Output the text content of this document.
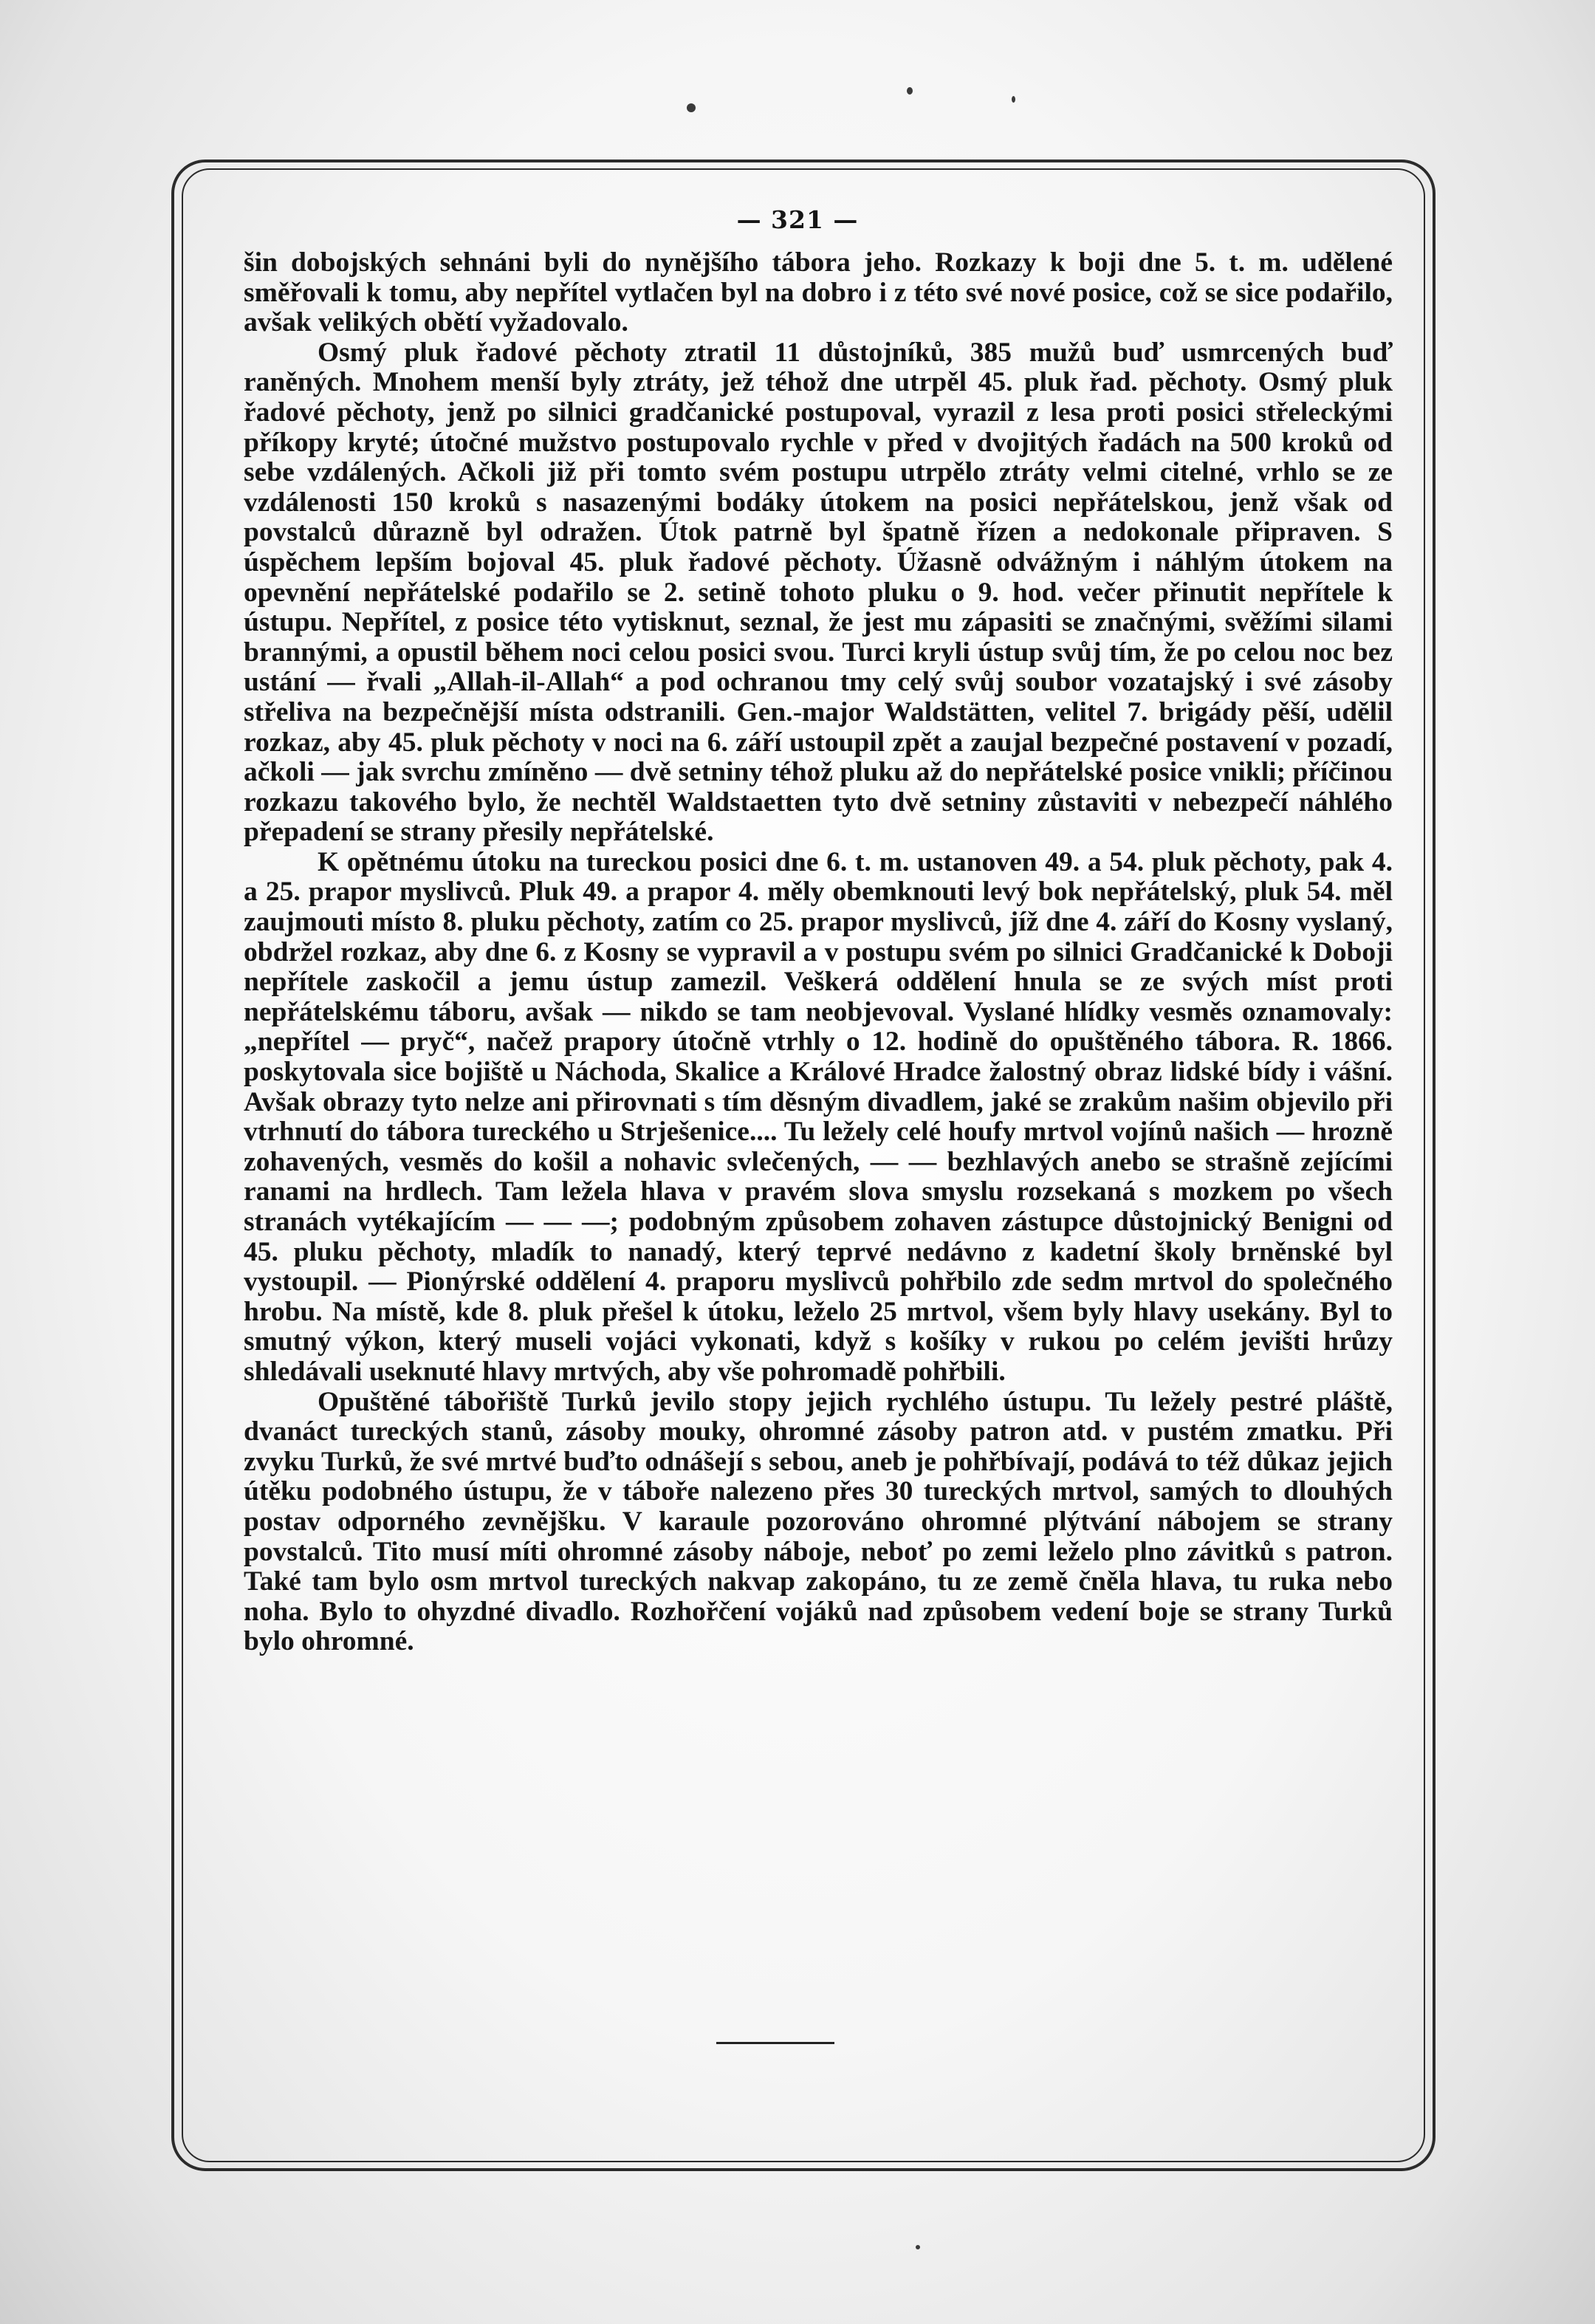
— 321 —

šin dobojských sehnáni byli do nynějšího tábora jeho. Rozkazy k boji dne 5. t. m. udělené směřovali k tomu, aby nepřítel vytlačen byl na dobro i z této své nové posice, což se sice podařilo, avšak velikých obětí vyžadovalo.

Osmý pluk řadové pěchoty ztratil 11 důstojníků, 385 mužů buď usmrcených buď raněných. Mnohem menší byly ztráty, jež téhož dne utrpěl 45. pluk řad. pěchoty. Osmý pluk řadové pěchoty, jenž po silnici gradčanické postupoval, vyrazil z lesa proti posici střeleckými příkopy kryté; útočné mužstvo postupovalo rychle v před v dvojitých řadách na 500 kroků od sebe vzdálených. Ačkoli již při tomto svém postupu utrpělo ztráty velmi citelné, vrhlo se ze vzdálenosti 150 kroků s nasazenými bodáky útokem na posici nepřátelskou, jenž však od povstalců důrazně byl odražen. Útok patrně byl špatně řízen a nedokonale připraven. S úspěchem lepším bojoval 45. pluk řadové pěchoty. Úžasně odvážným i náhlým útokem na opevnění nepřátelské podařilo se 2. setině tohoto pluku o 9. hod. večer přinutit nepřítele k ústupu. Nepřítel, z posice této vytisknut, seznal, že jest mu zápasiti se značnými, svěžími silami brannými, a opustil během noci celou posici svou. Turci kryli ústup svůj tím, že po celou noc bez ustání — řvali „Allah-il-Allah“ a pod ochranou tmy celý svůj soubor vozatajský i své zásoby střeliva na bezpečnější místa odstranili. Gen.-major Waldstätten, velitel 7. brigády pěší, udělil rozkaz, aby 45. pluk pěchoty v noci na 6. září ustoupil zpět a zaujal bezpečné postavení v pozadí, ačkoli — jak svrchu zmíněno — dvě setniny téhož pluku až do nepřátelské posice vnikli; příčinou rozkazu takového bylo, že nechtěl Waldstaetten tyto dvě setniny zůstaviti v nebezpečí náhlého přepadení se strany přesily nepřátelské.

K opětnému útoku na tureckou posici dne 6. t. m. ustanoven 49. a 54. pluk pěchoty, pak 4. a 25. prapor myslivců. Pluk 49. a prapor 4. měly obemknouti levý bok nepřátelský, pluk 54. měl zaujmouti místo 8. pluku pěchoty, zatím co 25. prapor myslivců, jíž dne 4. září do Kosny vyslaný, obdržel rozkaz, aby dne 6. z Kosny se vypravil a v postupu svém po silnici Gradčanické k Doboji nepřítele zaskočil a jemu ústup zamezil. Veškerá oddělení hnula se ze svých míst proti nepřátelskému táboru, avšak — nikdo se tam neobjevoval. Vyslané hlídky vesměs oznamovaly: „nepřítel — pryč“, načež prapory útočně vtrhly o 12. hodině do opuštěného tábora. R. 1866. poskytovala sice bojiště u Náchoda, Skalice a Králové Hradce žalostný obraz lidské bídy i vášní. Avšak obrazy tyto nelze ani přirovnati s tím děsným divadlem, jaké se zrakům našim objevilo při vtrhnutí do tábora tureckého u Strješenice.... Tu ležely celé houfy mrtvol vojínů našich — hrozně zohavených, vesměs do košil a nohavic svlečených, — — bezhlavých anebo se strašně zejícími ranami na hrdlech. Tam ležela hlava v pravém slova smyslu rozsekaná s mozkem po všech stranách vytékajícím — — —; podobným způsobem zohaven zástupce důstojnický Benigni od 45. pluku pěchoty, mladík to nanadý, který teprvé nedávno z kadetní školy brněnské byl vystoupil. — Pionýrské oddělení 4. praporu myslivců pohřbilo zde sedm mrtvol do společného hrobu. Na místě, kde 8. pluk přešel k útoku, leželo 25 mrtvol, všem byly hlavy usekány. Byl to smutný výkon, který museli vojáci vykonati, když s košíky v rukou po celém jevišti hrůzy shledávali useknuté hlavy mrtvých, aby vše pohromadě pohřbili.

Opuštěné tábořiště Turků jevilo stopy jejich rychlého ústupu. Tu ležely pestré pláště, dvanáct tureckých stanů, zásoby mouky, ohromné zásoby patron atd. v pustém zmatku. Při zvyku Turků, že své mrtvé buďto odnášejí s sebou, aneb je pohřbívají, podává to též důkaz jejich útěku podobného ústupu, že v táboře nalezeno přes 30 tureckých mrtvol, samých to dlouhých postav odporného zevnějšku. V karaule pozorováno ohromné plýtvání nábojem se strany povstalců. Tito musí míti ohromné zásoby náboje, neboť po zemi leželo plno závitků s patron. Také tam bylo osm mrtvol tureckých nakvap zakopáno, tu ze země čněla hlava, tu ruka nebo noha. Bylo to ohyzdné divadlo. Rozhořčení vojáků nad způsobem vedení boje se strany Turků bylo ohromné.
